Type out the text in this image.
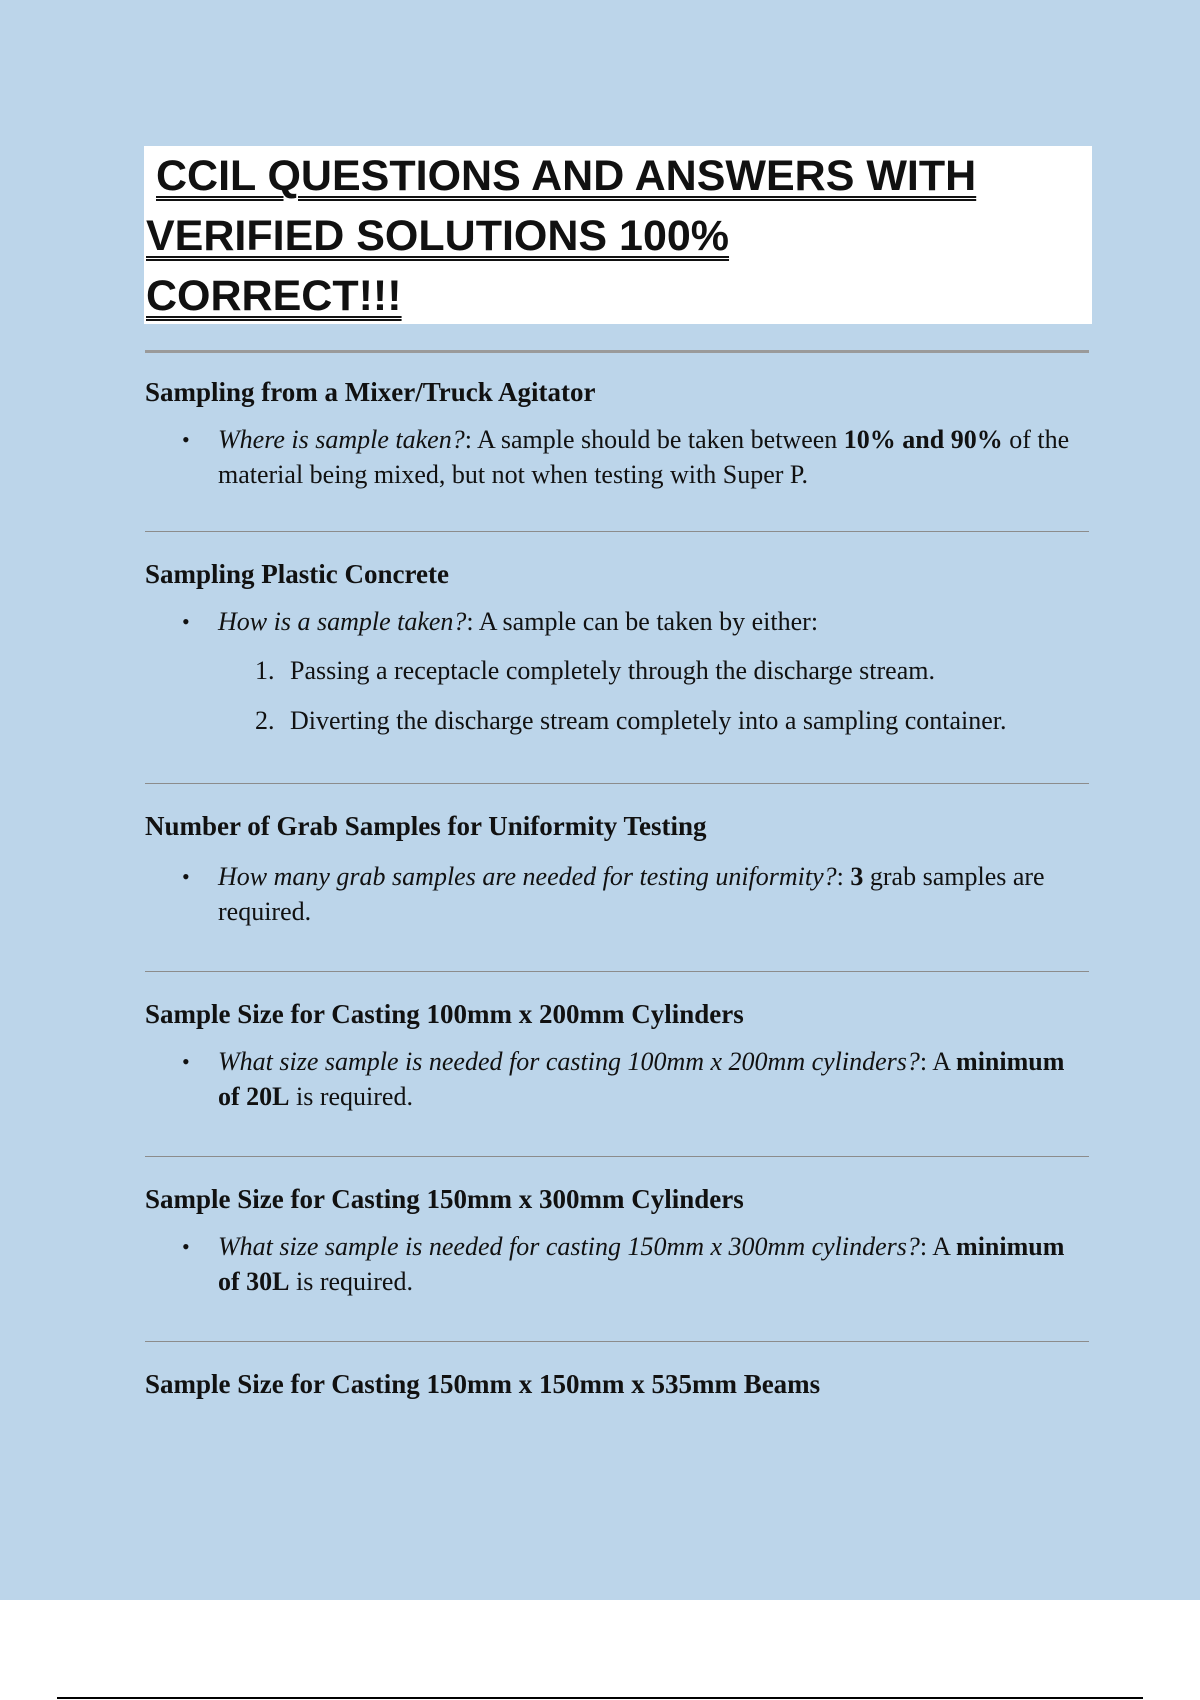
CCIL QUESTIONS AND ANSWERS WITH
VERIFIED SOLUTIONS 100%
CORRECT!!!
Sampling from a Mixer/Truck Agitator
• Where is sample taken?: A sample should be taken between 10% and 90% of the material being mixed, but not when testing with Super P.
Sampling Plastic Concrete
• How is a sample taken?: A sample can be taken by either:
1. Passing a receptacle completely through the discharge stream.
2. Diverting the discharge stream completely into a sampling container.
Number of Grab Samples for Uniformity Testing
• How many grab samples are needed for testing uniformity?: 3 grab samples are required.
Sample Size for Casting 100mm x 200mm Cylinders
• What size sample is needed for casting 100mm x 200mm cylinders?: A minimum of 20L is required.
Sample Size for Casting 150mm x 300mm Cylinders
• What size sample is needed for casting 150mm x 300mm cylinders?: A minimum of 30L is required.
Sample Size for Casting 150mm x 150mm x 535mm Beams
